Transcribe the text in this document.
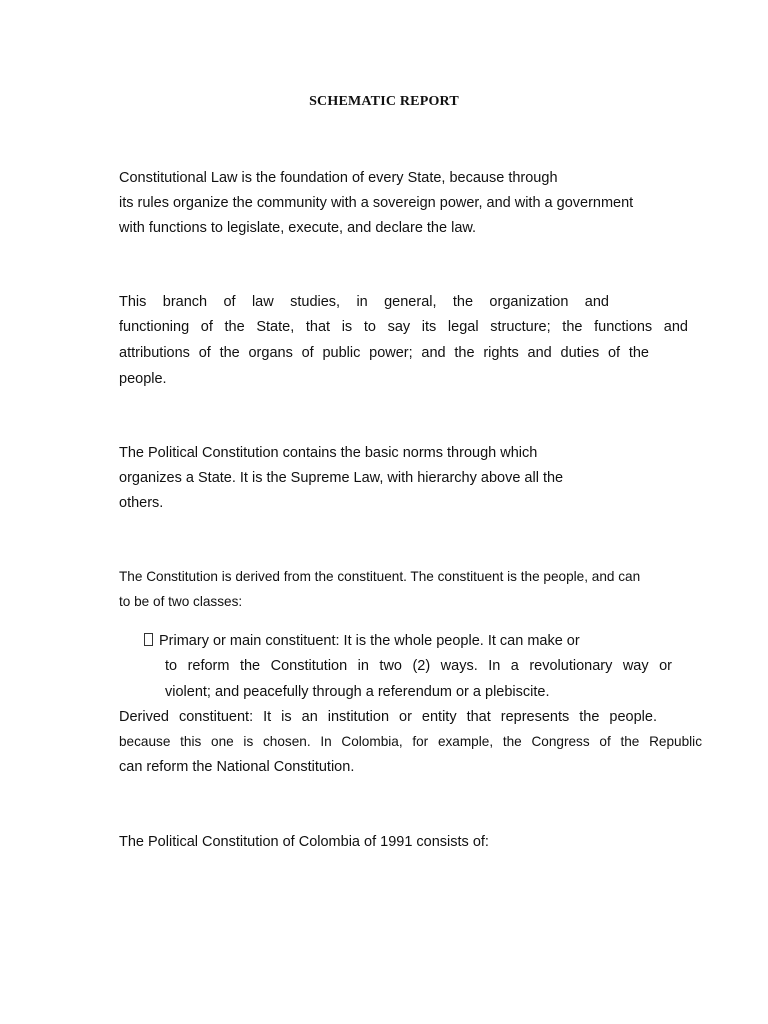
SCHEMATIC REPORT
Constitutional Law is the foundation of every State, because through
its rules organize the community with a sovereign power, and with a government
with functions to legislate, execute, and declare the law.
This branch of law studies, in general, the organization and
functioning of the State, that is to say its legal structure; the functions and
attributions of the organs of public power; and the rights and duties of the
people.
The Political Constitution contains the basic norms through which
organizes a State. It is the Supreme Law, with hierarchy above all the
others.
The Constitution is derived from the constituent. The constituent is the people, and can
to be of two classes:
Primary or main constituent: It is the whole people. It can make or
to reform the Constitution in two (2) ways. In a revolutionary way or
violent; and peacefully through a referendum or a plebiscite.
Derived constituent: It is an institution or entity that represents the people.
because this one is chosen. In Colombia, for example, the Congress of the Republic
can reform the National Constitution.
The Political Constitution of Colombia of 1991 consists of:
